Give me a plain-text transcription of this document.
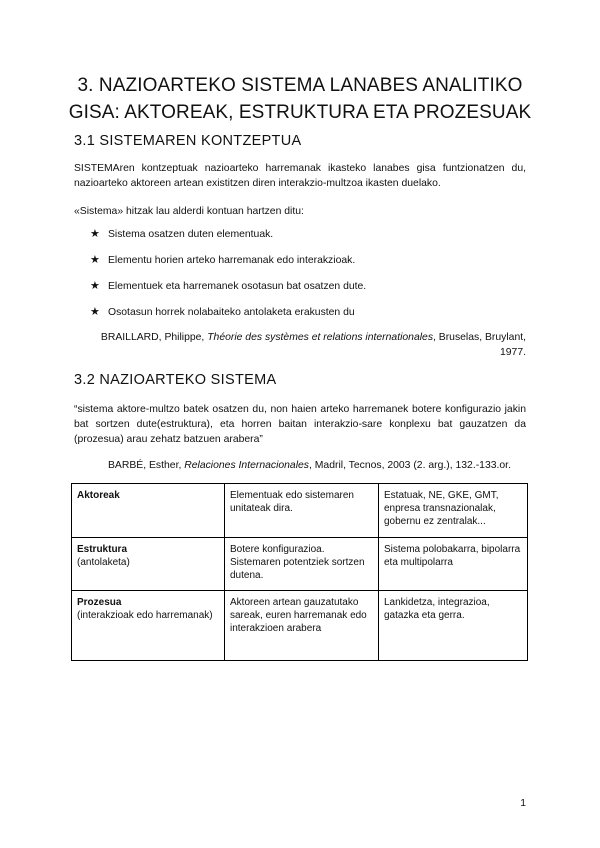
3. NAZIOARTEKO SISTEMA LANABES ANALITIKO
GISA: AKTOREAK, ESTRUKTURA ETA PROZESUAK
3.1 SISTEMAREN KONTZEPTUA

SISTEMAren kontzeptuak nazioarteko harremanak ikasteko lanabes gisa funtzionatzen du, nazioarteko aktoreen artean existitzen diren interakzio-multzoa ikasten duelako.

«Sistema» hitzak lau alderdi kontuan hartzen ditu:

★ Sistema osatzen duten elementuak.
★ Elementu horien arteko harremanak edo interakzioak.
★ Elementuek eta harremanek osotasun bat osatzen dute.
★ Osotasun horrek nolabaiteko antolaketa erakusten du
BRAILLARD, Philippe, Théorie des systèmes et relations internationales, Bruselas, Bruylant,
1977.
3.2 NAZIOARTEKO SISTEMA

“sistema aktore-multzo batek osatzen du, non haien arteko harremanek botere konfigurazio jakin bat sortzen dute(estruktura), eta horren baitan interakzio-sare konplexu bat gauzatzen da (prozesua) arau zehatz batzuen arabera”

BARBÉ, Esther, Relaciones Internacionales, Madril, Tecnos, 2003 (2. arg.), 132.-133.or.
Aktoreak	Elementuak edo sistemaren unitateak dira.	Estatuak, NE, GKE, GMT, enpresa transnazionalak, gobernu ez zentralak...

Estruktura
(antolaketa)	Botere konfigurazioa. Sistemaren potentziek sortzen dutena.	Sistema polobakarra, bipolarra eta multipolarra

Prozesua
(interakzioak edo harremanak)	Aktoreen artean gauzatutako sareak, euren harremanak edo interakzioen arabera	Lankidetza, integrazioa, gatazka eta gerra.
1
